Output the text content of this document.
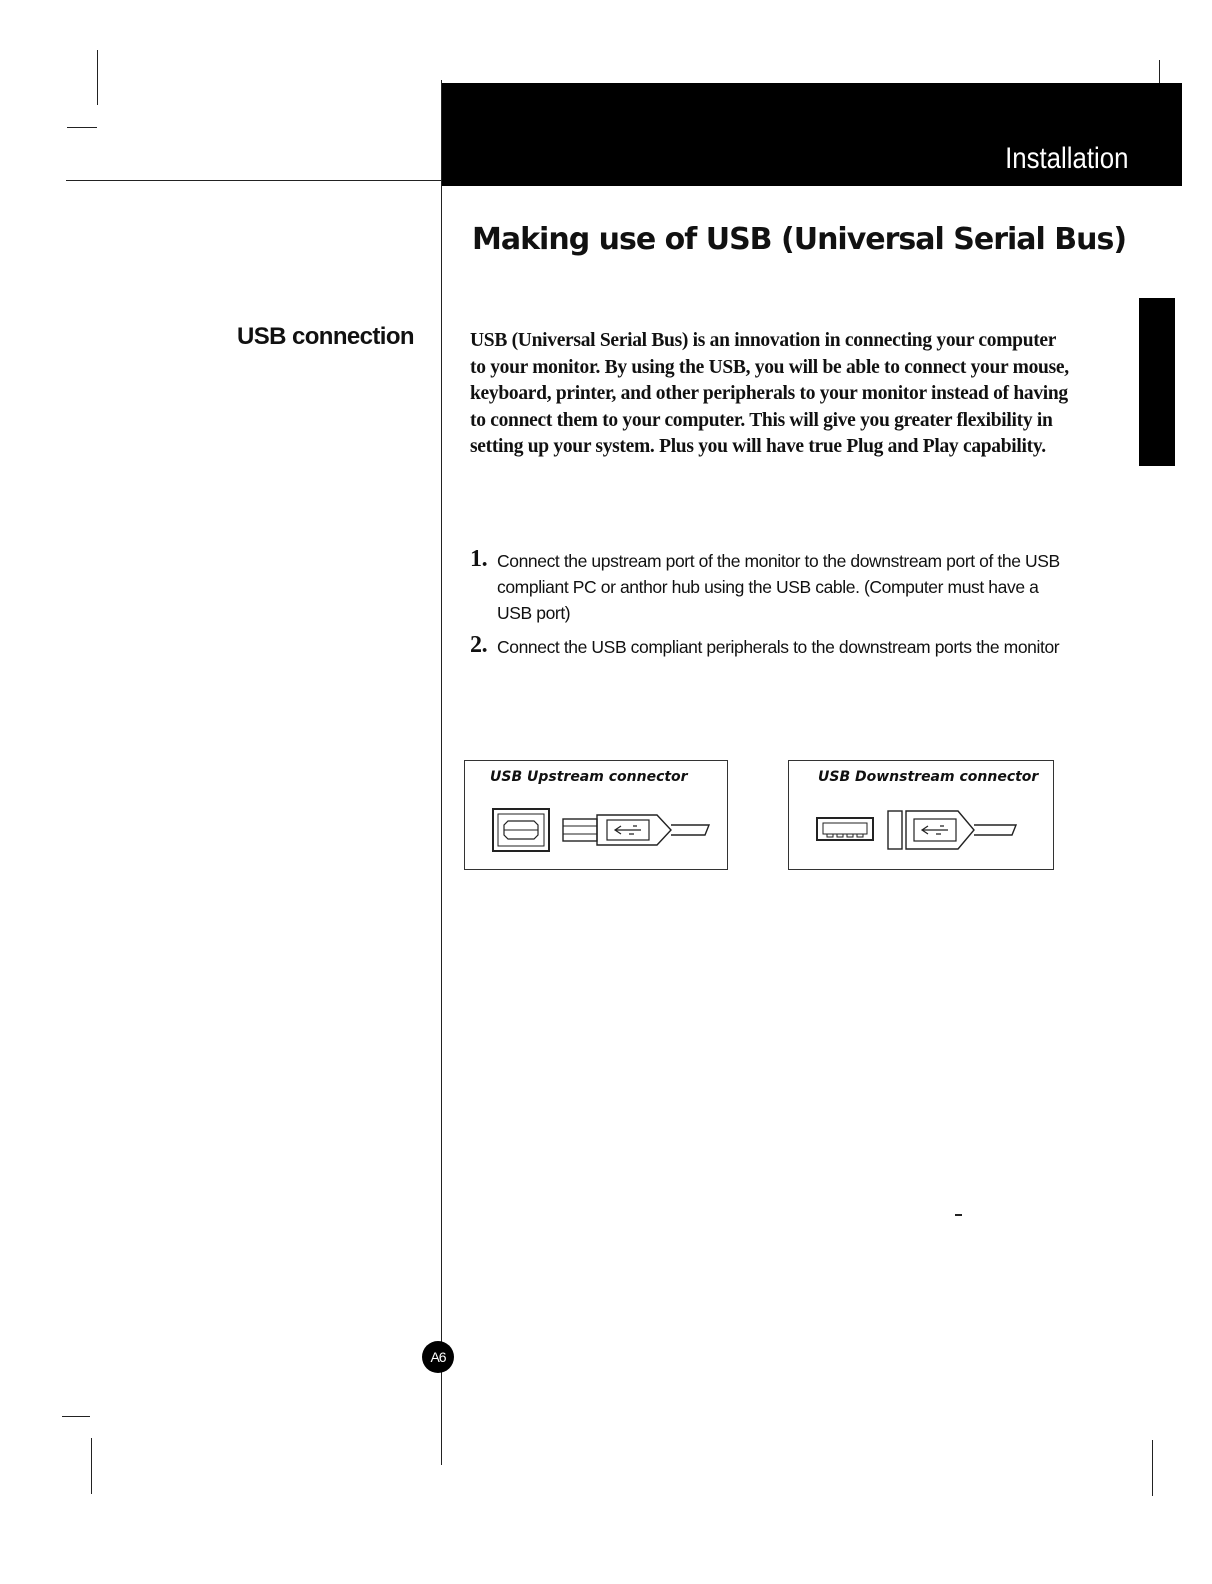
Installation
Making use of USB (Universal Serial Bus)
USB connection	USB (Universal Serial Bus) is an innovation in connecting your computer to your monitor. By using the USB, you will be able to connect your mouse, keyboard, printer, and other peripherals to your monitor instead of having to connect them to your computer. This will give you greater flexibility in setting up your system. Plus you will have true Plug and Play capability.

1. Connect the upstream port of the monitor to the downstream port of the USB compliant PC or anthor hub using the USB cable. (Computer must have a USB port)
2. Connect the USB compliant peripherals to the downstream ports the monitor
USB Upstream connector	USB Downstream connector
A6
